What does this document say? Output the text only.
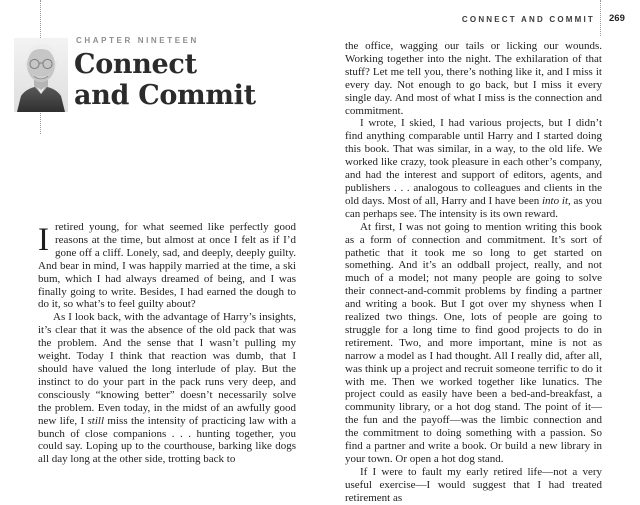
CHAPTER NINETEEN
Connect
and Commit
CONNECT AND COMMIT 269

Iretired young, for what seemed like perfectly good reasons at the time, but almost at once I felt as if I’d gone off a cliff. Lonely, sad, and deeply, deeply guilty. And bear in mind, I was happily married at the time, a ski bum, which I had always dreamed of being, and I was finally going to write. Besides, I had earned the dough to do it, so what’s to feel guilty about?

As I look back, with the advantage of Harry’s insights, it’s clear that it was the absence of the old pack that was the problem. And the sense that I wasn’t pulling my weight. Today I think that reaction was dumb, that I should have valued the long interlude of play. But the instinct to do your part in the pack runs very deep, and consciously “knowing better” doesn’t necessarily solve the problem. Even today, in the midst of an awfully good new life, I still miss the intensity of practicing law with a bunch of close companions . . . hunting together, you could say. Loping up to the courthouse, barking like dogs all day long at the other side, trotting back to

the office, wagging our tails or licking our wounds. Working together into the night. The exhilaration of that stuff? Let me tell you, there’s nothing like it, and I miss it every day. Not enough to go back, but I miss it every single day. And most of what I miss is the connection and commitment.

I wrote, I skied, I had various projects, but I didn’t find anything comparable until Harry and I started doing this book. That was similar, in a way, to the old life. We worked like crazy, took pleasure in each other’s company, and had the interest and support of editors, agents, and publishers . . . analogous to colleagues and clients in the old days. Most of all, Harry and I have been into it, as you can perhaps see. The intensity is its own reward.

At first, I was not going to mention writing this book as a form of connection and commitment. It’s sort of pathetic that it took me so long to get started on something. And it’s an oddball project, really, and not much of a model; not many people are going to solve their connect-and-commit problems by finding a partner and writing a book. But I got over my shyness when I realized two things. One, lots of people are going to struggle for a long time to find good projects to do in retirement. Two, and more important, mine is not as narrow a model as I had thought. All I really did, after all, was think up a project and recruit someone terrific to do it with me. Then we worked together like lunatics. The project could as easily have been a bed-and-breakfast, a community library, or a hot dog stand. The point of it—the fun and the payoff—was the limbic connection and the commitment to doing something with a passion. So find a partner and write a book. Or build a new library in your town. Or open a hot dog stand.

If I were to fault my early retired life—not a very useful exercise—I would suggest that I had treated retirement as
